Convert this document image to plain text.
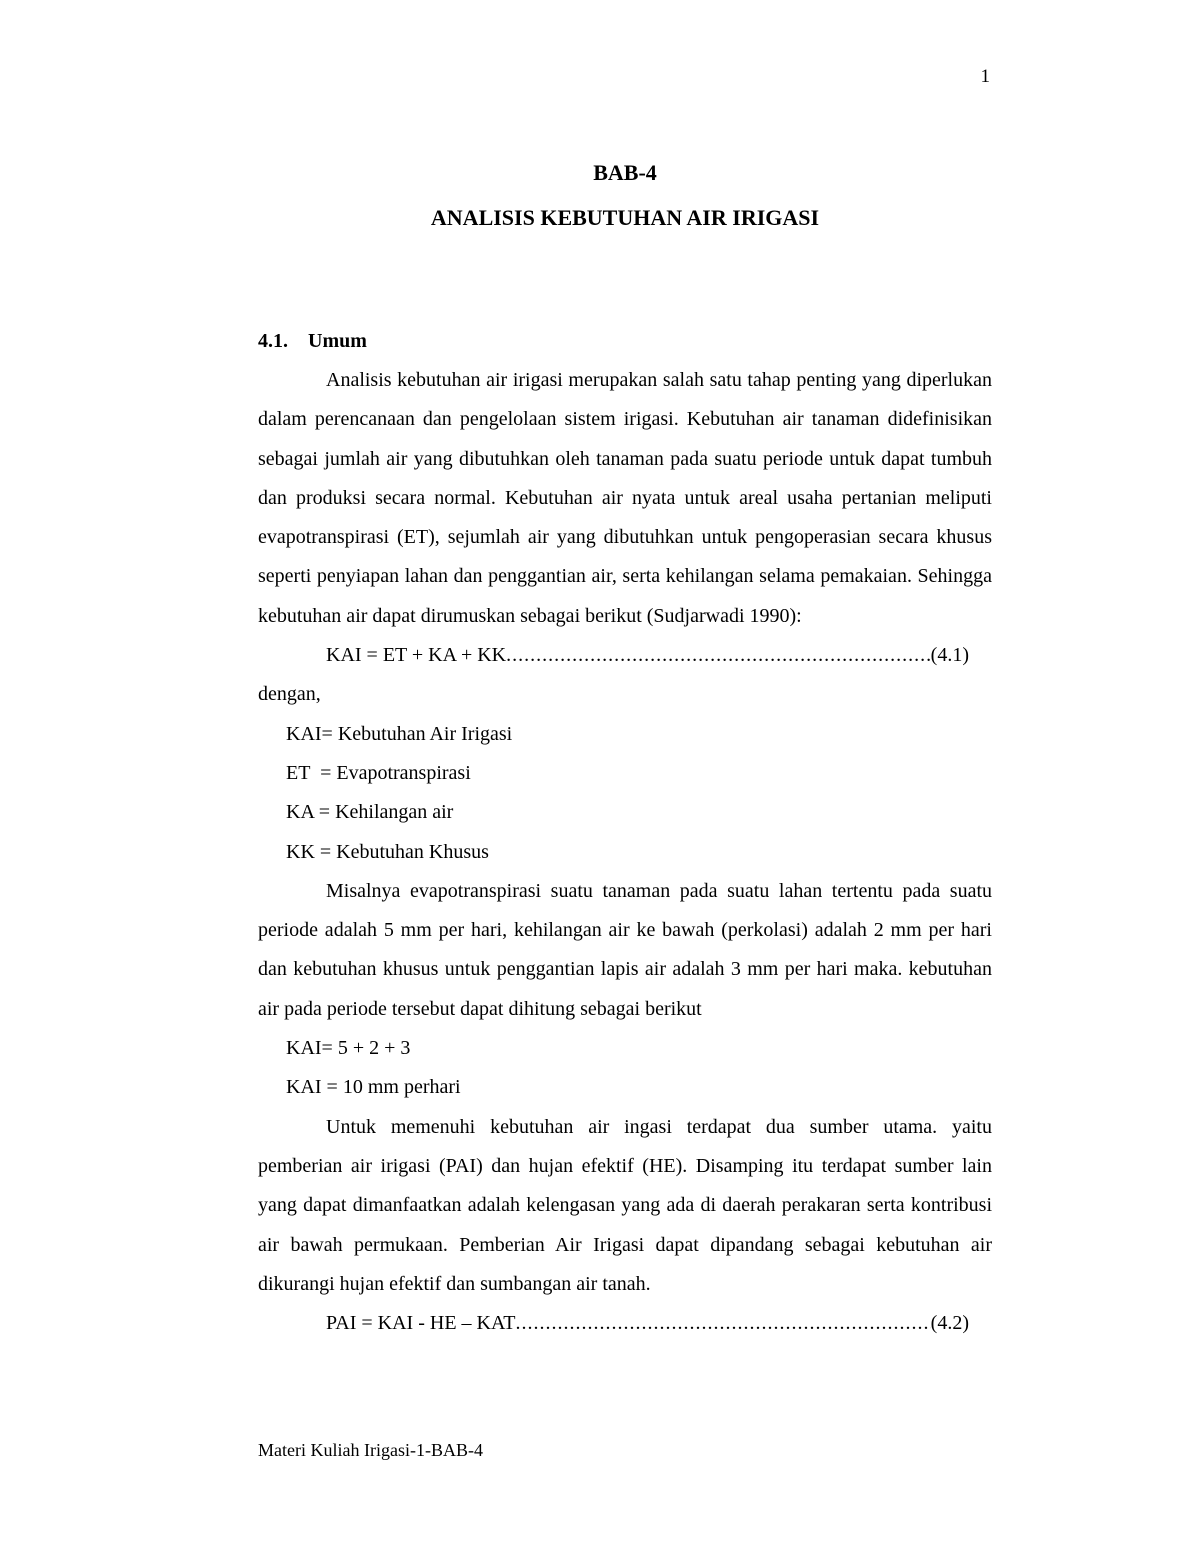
1
BAB-4
ANALISIS KEBUTUHAN AIR IRIGASI
4.1. Umum

Analisis kebutuhan air irigasi merupakan salah satu tahap penting yang diperlukan dalam perencanaan dan pengelolaan sistem irigasi. Kebutuhan air tanaman didefinisikan sebagai jumlah air yang dibutuhkan oleh tanaman pada suatu periode untuk dapat tumbuh dan produksi secara normal. Kebutuhan air nyata untuk areal usaha pertanian meliputi evapotranspirasi (ET), sejumlah air yang dibutuhkan untuk pengoperasian secara khusus seperti penyiapan lahan dan penggantian air, serta kehilangan selama pemakaian. Sehingga kebutuhan air dapat dirumuskan sebagai berikut (Sudjarwadi 1990):

KAI = ET + KA + KK .....	(4.1)

dengan,

KAI= Kebutuhan Air Irigasi

ET  = Evapotranspirasi

KA = Kehilangan air

KK = Kebutuhan Khusus

Misalnya evapotranspirasi suatu tanaman pada suatu lahan tertentu pada suatu periode adalah 5 mm per hari, kehilangan air ke bawah (perkolasi) adalah 2 mm per hari dan kebutuhan khusus untuk penggantian lapis air adalah 3 mm per hari maka. kebutuhan air pada periode tersebut dapat dihitung sebagai berikut

KAI= 5 + 2 + 3

KAI = 10 mm perhari

Untuk memenuhi kebutuhan air ingasi terdapat dua sumber utama. yaitu pemberian air irigasi (PAI) dan hujan efektif (HE). Disamping itu terdapat sumber lain yang dapat dimanfaatkan adalah kelengasan yang ada di daerah perakaran serta kontribusi air bawah permukaan. Pemberian Air Irigasi dapat dipandang sebagai kebutuhan air dikurangi hujan efektif dan sumbangan air tanah.

PAI = KAI - HE – KAT .....	(4.2)

Materi Kuliah Irigasi-1-BAB-4
